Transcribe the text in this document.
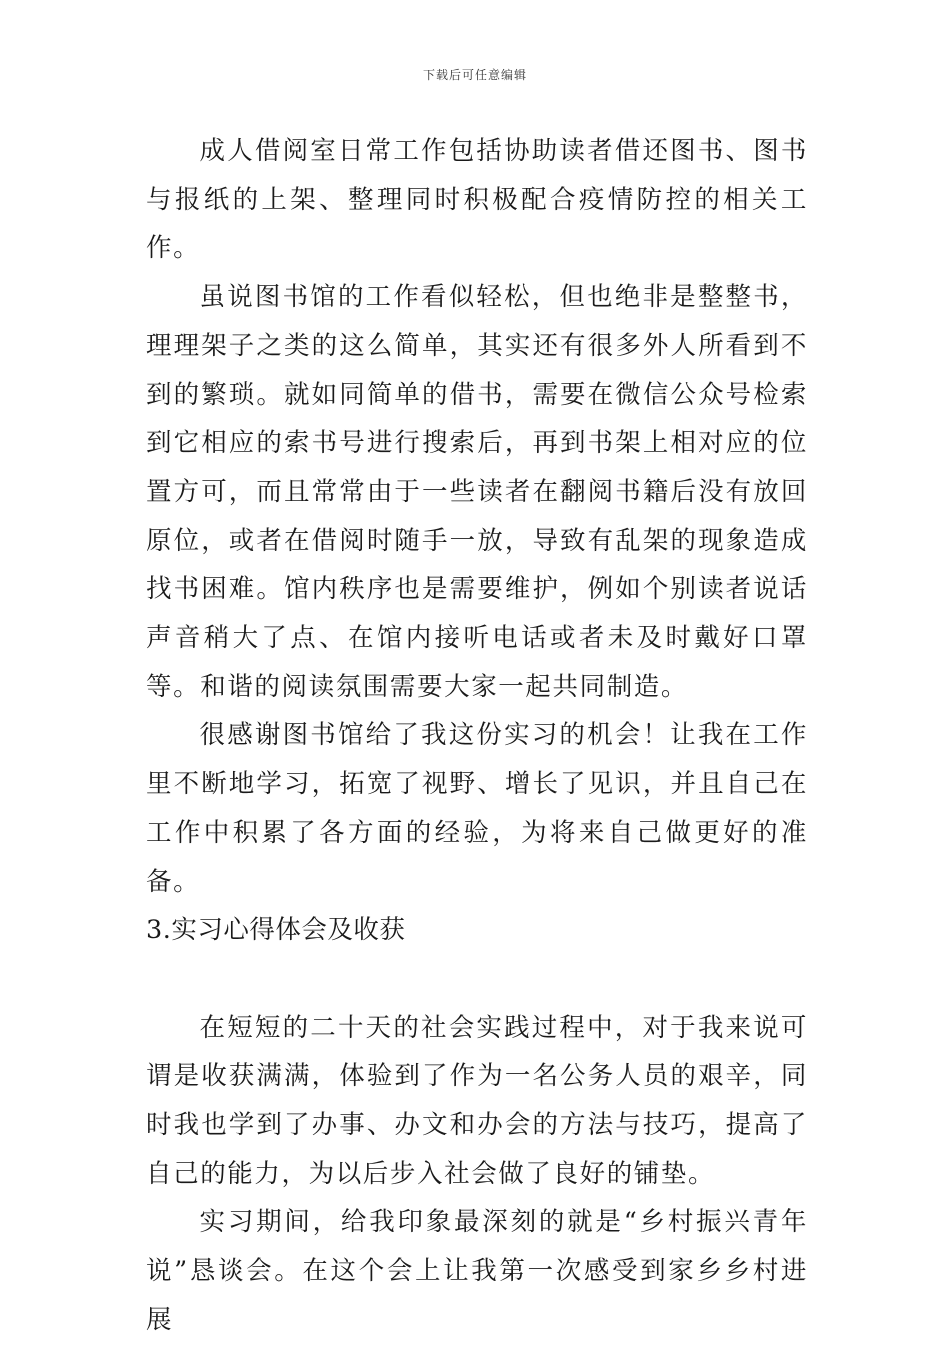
下载后可任意编辑

成人借阅室日常工作包括协助读者借还图书、图书与报纸的上架、整理同时积极配合疫情防控的相关工作。

虽说图书馆的工作看似轻松，但也绝非是整整书，理理架子之类的这么简单，其实还有很多外人所看到不到的繁琐。就如同简单的借书，需要在微信公众号检索到它相应的索书号进行搜索后，再到书架上相对应的位置方可，而且常常由于一些读者在翻阅书籍后没有放回原位，或者在借阅时随手一放，导致有乱架的现象造成找书困难。馆内秩序也是需要维护，例如个别读者说话声音稍大了点、在馆内接听电话或者未及时戴好口罩等。和谐的阅读氛围需要大家一起共同制造。

很感谢图书馆给了我这份实习的机会！让我在工作里不断地学习，拓宽了视野、增长了见识，并且自己在工作中积累了各方面的经验，为将来自己做更好的准备。

3.实习心得体会及收获

在短短的二十天的社会实践过程中，对于我来说可谓是收获满满，体验到了作为一名公务人员的艰辛，同时我也学到了办事、办文和办会的方法与技巧，提高了自己的能力，为以后步入社会做了良好的铺垫。

实习期间，给我印象最深刻的就是“乡村振兴青年说”恳谈会。在这个会上让我第一次感受到家乡乡村进展
